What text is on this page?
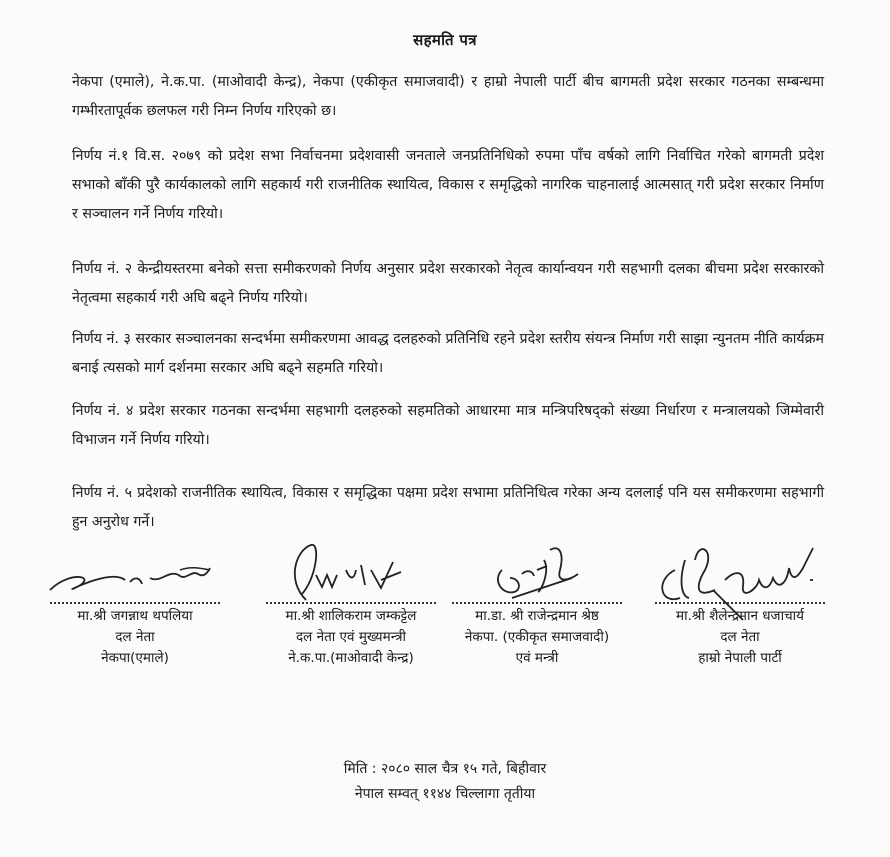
सहमति पत्र
नेकपा (एमाले), ने.क.पा. (माओवादी केन्द्र), नेकपा (एकीकृत समाजवादी) र हाम्रो नेपाली पार्टी बीच बागमती प्रदेश सरकार गठनका सम्बन्धमा गम्भीरतापूर्वक छलफल गरी निम्न निर्णय गरिएको छ।
निर्णय नं.१ वि.स. २०७९ को प्रदेश सभा निर्वाचनमा प्रदेशवासी जनताले जनप्रतिनिधिको रुपमा पाँच वर्षको लागि निर्वाचित गरेको बागमती प्रदेश सभाको बाँकी पुरै कार्यकालको लागि सहकार्य गरी राजनीतिक स्थायित्व, विकास र समृद्धिको नागरिक चाहनालाई आत्मसात् गरी प्रदेश सरकार निर्माण र सञ्चालन गर्ने निर्णय गरियो।
निर्णय नं. २ केन्द्रीयस्तरमा बनेको सत्ता समीकरणको निर्णय अनुसार प्रदेश सरकारको नेतृत्व कार्यान्वयन गरी सहभागी दलका बीचमा प्रदेश सरकारको नेतृत्वमा सहकार्य गरी अघि बढ्ने निर्णय गरियो।
निर्णय नं. ३ सरकार सञ्चालनका सन्दर्भमा समीकरणमा आवद्ध दलहरुको प्रतिनिधि रहने प्रदेश स्तरीय संयन्त्र निर्माण गरी साझा न्युनतम नीति कार्यक्रम बनाई त्यसको मार्ग दर्शनमा सरकार अघि बढ्ने सहमति गरियो।
निर्णय नं. ४ प्रदेश सरकार गठनका सन्दर्भमा सहभागी दलहरुको सहमतिको आधारमा मात्र मन्त्रिपरिषद्को संख्या निर्धारण र मन्त्रालयको जिम्मेवारी विभाजन गर्ने निर्णय गरियो।
निर्णय नं. ५ प्रदेशको राजनीतिक स्थायित्व, विकास र समृद्धिका पक्षमा प्रदेश सभामा प्रतिनिधित्व गरेका अन्य दललाई पनि यस समीकरणमा सहभागी हुन अनुरोध गर्ने।
मा.श्री जगन्नाथ थपलिया
दल नेता
नेकपा(एमाले)
मा.श्री शालिकराम जम्कट्टेल
दल नेता एवं मुख्यमन्त्री
ने.क.पा.(माओवादी केन्द्र)
मा.डा. श्री राजेन्द्रमान श्रेष्ठ
नेकपा. (एकीकृत समाजवादी)
एवं मन्त्री
मा.श्री शैलेन्द्रमान धजाचार्य
दल नेता
हाम्रो नेपाली पार्टी
मिति : २०८० साल चैत्र १५ गते, बिहीवार
नेपाल सम्वत् ११४४ चिल्लागा तृतीया
